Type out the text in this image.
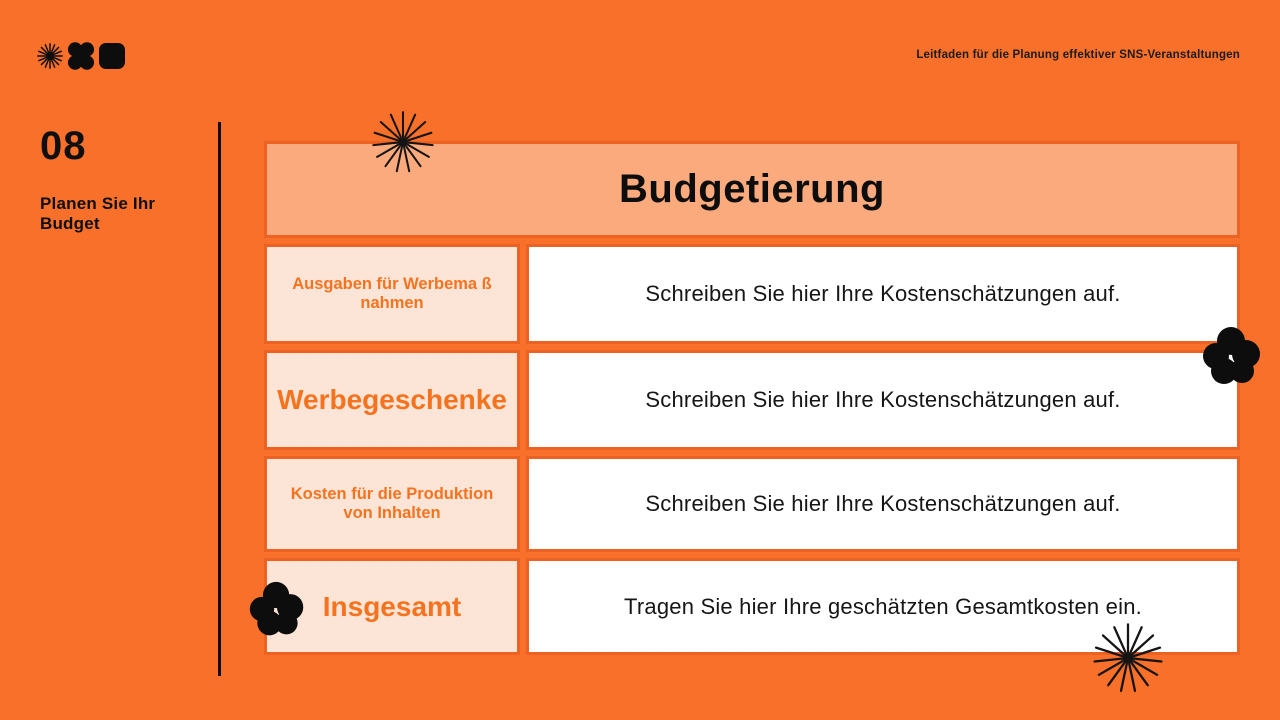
Leitfaden für die Planung effektiver SNS-Veranstaltungen
08
Planen Sie Ihr Budget
Budgetierung
Ausgaben für Werbema ß nahmen	Schreiben Sie hier Ihre Kostenschätzungen auf.
Werbegeschenke	Schreiben Sie hier Ihre Kostenschätzungen auf.
Kosten für die Produktion von Inhalten	Schreiben Sie hier Ihre Kostenschätzungen auf.
Insgesamt	Tragen Sie hier Ihre geschätzten Gesamtkosten ein.
